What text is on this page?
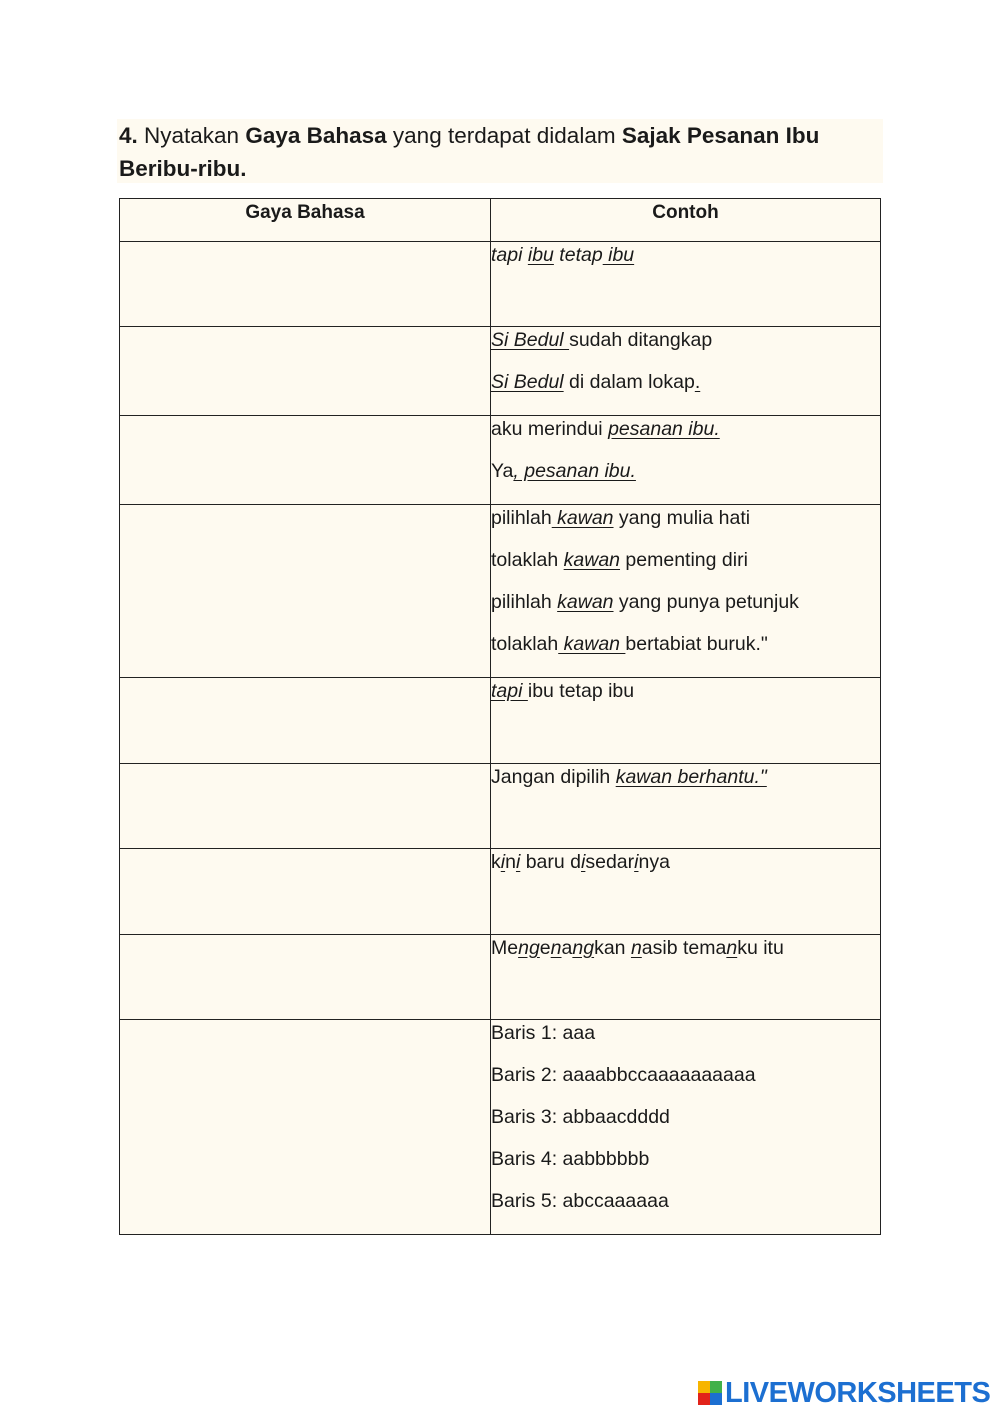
4. Nyatakan Gaya Bahasa yang terdapat didalam Sajak Pesanan Ibu Beribu-ribu.
Gaya Bahasa	Contoh

tapi ibu tetap ibu

Si Bedul sudah ditangkap
Si Bedul di dalam lokap.

aku merindui pesanan ibu.
Ya, pesanan ibu.

pilihlah kawan yang mulia hati
tolaklah kawan pementing diri
pilihlah kawan yang punya petunjuk
tolaklah kawan bertabiat buruk."

tapi ibu tetap ibu

Jangan dipilih kawan berhantu."

kini baru disedarinya

Mengenangkan nasib temanku itu

Baris 1: aaa
Baris 2: aaaabbccaaaaaaaaaa
Baris 3: abbaacdddd
Baris 4: aabbbbbb
Baris 5: abccaaaaaa
LIVEWORKSHEETS
